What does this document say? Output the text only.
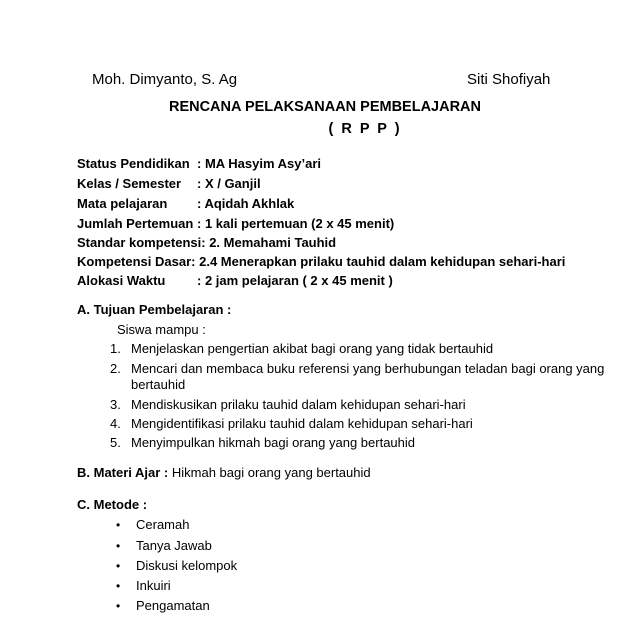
Moh. Dimyanto, S. Ag	Siti Shofiyah
RENCANA PELAKSANAAN PEMBELAJARAN
( R P P )
Status Pendidikan : MA Hasyim Asy’ari
Kelas / Semester : X / Ganjil
Mata pelajaran : Aqidah Akhlak
Jumlah Pertemuan : 1 kali pertemuan (2 x 45 menit)
Standar kompetensi: 2. Memahami Tauhid
Kompetensi Dasar: 2.4 Menerapkan prilaku tauhid dalam kehidupan sehari-hari
Alokasi Waktu : 2 jam pelajaran ( 2 x 45 menit )
A. Tujuan Pembelajaran :
Siswa mampu :
1. Menjelaskan pengertian akibat bagi orang yang tidak bertauhid
2. Mencari dan membaca buku referensi yang berhubungan teladan bagi orang yang
bertauhid
3. Mendiskusikan prilaku tauhid dalam kehidupan sehari-hari
4. Mengidentifikasi prilaku tauhid dalam kehidupan sehari-hari
5. Menyimpulkan hikmah bagi orang yang bertauhid
B. Materi Ajar : Hikmah bagi orang yang bertauhid
C. Metode :
• Ceramah
• Tanya Jawab
• Diskusi kelompok
• Inkuiri
• Pengamatan
